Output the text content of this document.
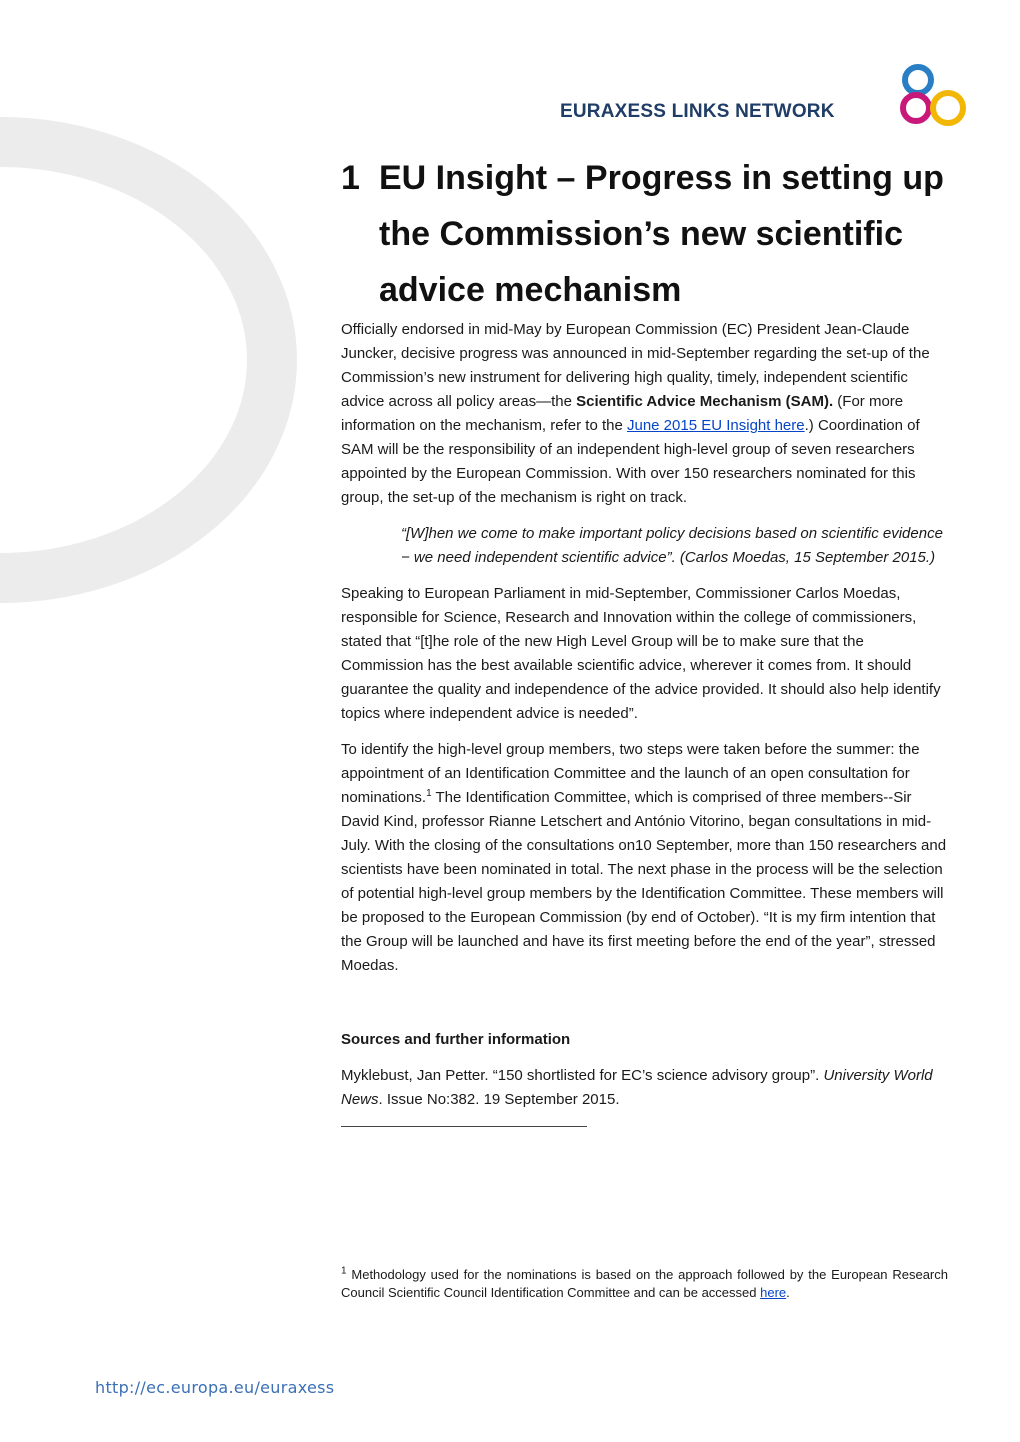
EURAXESS LINKS NETWORK
1 EU Insight – Progress in setting up the Commission’s new scientific advice mechanism

Officially endorsed in mid-May by European Commission (EC) President Jean-Claude Juncker, decisive progress was announced in mid-September regarding the set-up of the Commission’s new instrument for delivering high quality, timely, independent scientific advice across all policy areas—the Scientific Advice Mechanism (SAM). (For more information on the mechanism, refer to the June 2015 EU Insight here.) Coordination of SAM will be the responsibility of an independent high-level group of seven researchers appointed by the European Commission. With over 150 researchers nominated for this group, the set-up of the mechanism is right on track.

“[W]hen we come to make important policy decisions based on scientific evidence − we need independent scientific advice”. (Carlos Moedas, 15 September 2015.)

Speaking to European Parliament in mid-September, Commissioner Carlos Moedas, responsible for Science, Research and Innovation within the college of commissioners, stated that “[t]he role of the new High Level Group will be to make sure that the Commission has the best available scientific advice, wherever it comes from. It should guarantee the quality and independence of the advice provided. It should also help identify topics where independent advice is needed”.

To identify the high-level group members, two steps were taken before the summer: the appointment of an Identification Committee and the launch of an open consultation for nominations.$^1$ The Identification Committee, which is comprised of three members--Sir David Kind, professor Rianne Letschert and António Vitorino, began consultations in mid-July. With the closing of the consultations on10 September, more than 150 researchers and scientists have been nominated in total. The next phase in the process will be the selection of potential high-level group members by the Identification Committee. These members will be proposed to the European Commission (by end of October). “It is my firm intention that the Group will be launched and have its first meeting before the end of the year”, stressed Moedas.

Sources and further information

Myklebust, Jan Petter. “150 shortlisted for EC’s science advisory group”. University World News. Issue No:382. 19 September 2015.

$^1$ Methodology used for the nominations is based on the approach followed by the European Research Council Scientific Council Identification Committee and can be accessed here.
http://ec.europa.eu/euraxess
